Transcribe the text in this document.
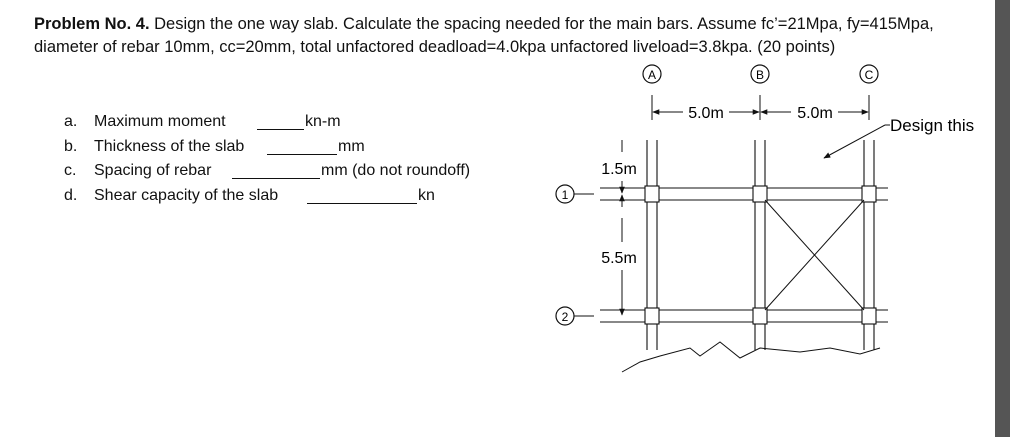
Problem No. 4. Design the one way slab. Calculate the spacing needed for the main bars. Assume fc’=21Mpa, fy=415Mpa, diameter of rebar 10mm, cc=20mm, total unfactored deadload=4.0kpa unfactored liveload=3.8kpa. (20 points)

a. Maximum moment	kn-m
b. Thickness of the slab	mm
c. Spacing of rebar	mm (do not roundoff)
d. Shear capacity of the slab	kn
A	B	C
1
2
5.0m	5.0m
1.5m
5.5m
Design this
